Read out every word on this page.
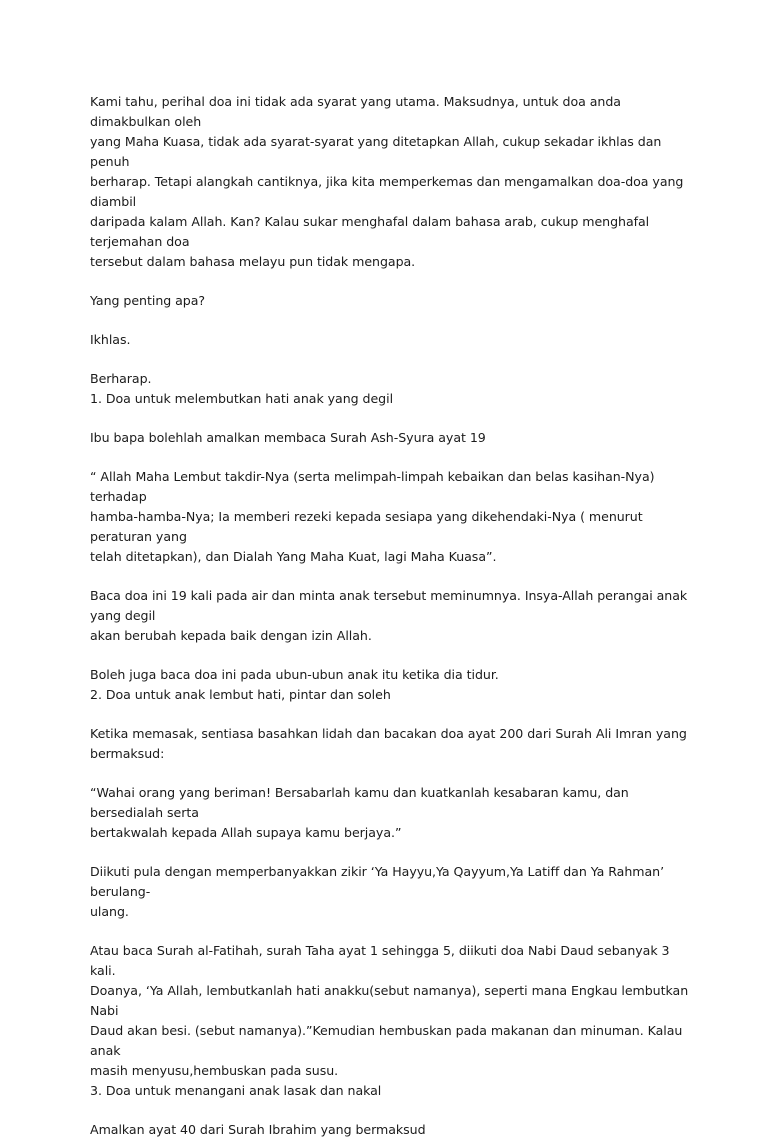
Kami tahu, perihal doa ini tidak ada syarat yang utama. Maksudnya, untuk doa anda dimakbulkan oleh
yang Maha Kuasa, tidak ada syarat-syarat yang ditetapkan Allah, cukup sekadar ikhlas dan penuh
berharap. Tetapi alangkah cantiknya, jika kita memperkemas dan mengamalkan doa-doa yang diambil
daripada kalam Allah. Kan? Kalau sukar menghafal dalam bahasa arab, cukup menghafal terjemahan doa
tersebut dalam bahasa melayu pun tidak mengapa.

Yang penting apa?

Ikhlas.

Berharap.
1. Doa untuk melembutkan hati anak yang degil

Ibu bapa bolehlah amalkan membaca Surah Ash-Syura ayat 19

“ Allah Maha Lembut takdir-Nya (serta melimpah-limpah kebaikan dan belas kasihan-Nya) terhadap
hamba-hamba-Nya; Ia memberi rezeki kepada sesiapa yang dikehendaki-Nya ( menurut peraturan yang
telah ditetapkan), dan Dialah Yang Maha Kuat, lagi Maha Kuasa”.

Baca doa ini 19 kali pada air dan minta anak tersebut meminumnya. Insya-Allah perangai anak yang degil
akan berubah kepada baik dengan izin Allah.

Boleh juga baca doa ini pada ubun-ubun anak itu ketika dia tidur.
2. Doa untuk anak lembut hati, pintar dan soleh

Ketika memasak, sentiasa basahkan lidah dan bacakan doa ayat 200 dari Surah Ali Imran yang
bermaksud:

“Wahai orang yang beriman! Bersabarlah kamu dan kuatkanlah kesabaran kamu, dan bersedialah serta
bertakwalah kepada Allah supaya kamu berjaya.”

Diikuti pula dengan memperbanyakkan zikir ‘Ya Hayyu,Ya Qayyum,Ya Latiff dan Ya Rahman’ berulang-
ulang.

Atau baca Surah al-Fatihah, surah Taha ayat 1 sehingga 5, diikuti doa Nabi Daud sebanyak 3 kali.
Doanya, ‘Ya Allah, lembutkanlah hati anakku(sebut namanya), seperti mana Engkau lembutkan Nabi
Daud akan besi. (sebut namanya).”Kemudian hembuskan pada makanan dan minuman. Kalau anak
masih menyusu,hembuskan pada susu.
3. Doa untuk menangani anak lasak dan nakal

Amalkan ayat 40 dari Surah Ibrahim yang bermaksud
